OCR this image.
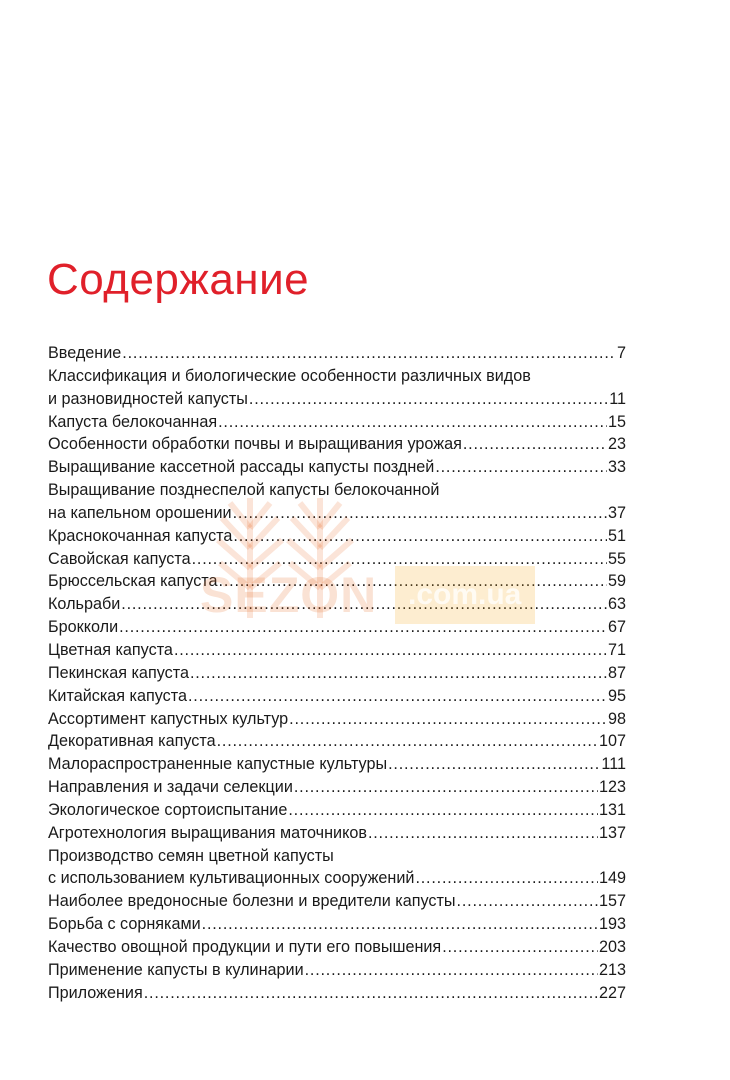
Содержание
Введение .....	7
Классификация и биологические особенности различных видов
и разновидностей капусты .....	11
Капуста белокочанная .....	15
Особенности обработки почвы и выращивания урожая .....	23
Выращивание кассетной рассады капусты поздней .....	33
Выращивание позднеспелой капусты белокочанной
на капельном орошении .....	37
Краснокочанная капуста .....	51
Савойская капуста .....	55
Брюссельская капуста .....	59
Кольраби .....	63
Брокколи .....	67
Цветная капуста .....	71
Пекинская капуста .....	87
Китайская капуста .....	95
Ассортимент капустных культур .....	98
Декоративная капуста .....	107
Малораспространенные капустные культуры .....	111
Направления и задачи селекции .....	123
Экологическое сортоиспытание .....	131
Агротехнология выращивания маточников .....	137
Производство семян цветной капусты
с использованием культивационных сооружений .....	149
Наиболее вредоносные болезни и вредители капусты .....	157
Борьба с сорняками .....	193
Качество овощной продукции и пути его повышения .....	203
Применение капусты в кулинарии .....	213
Приложения .....	227
SEZON .com.ua
